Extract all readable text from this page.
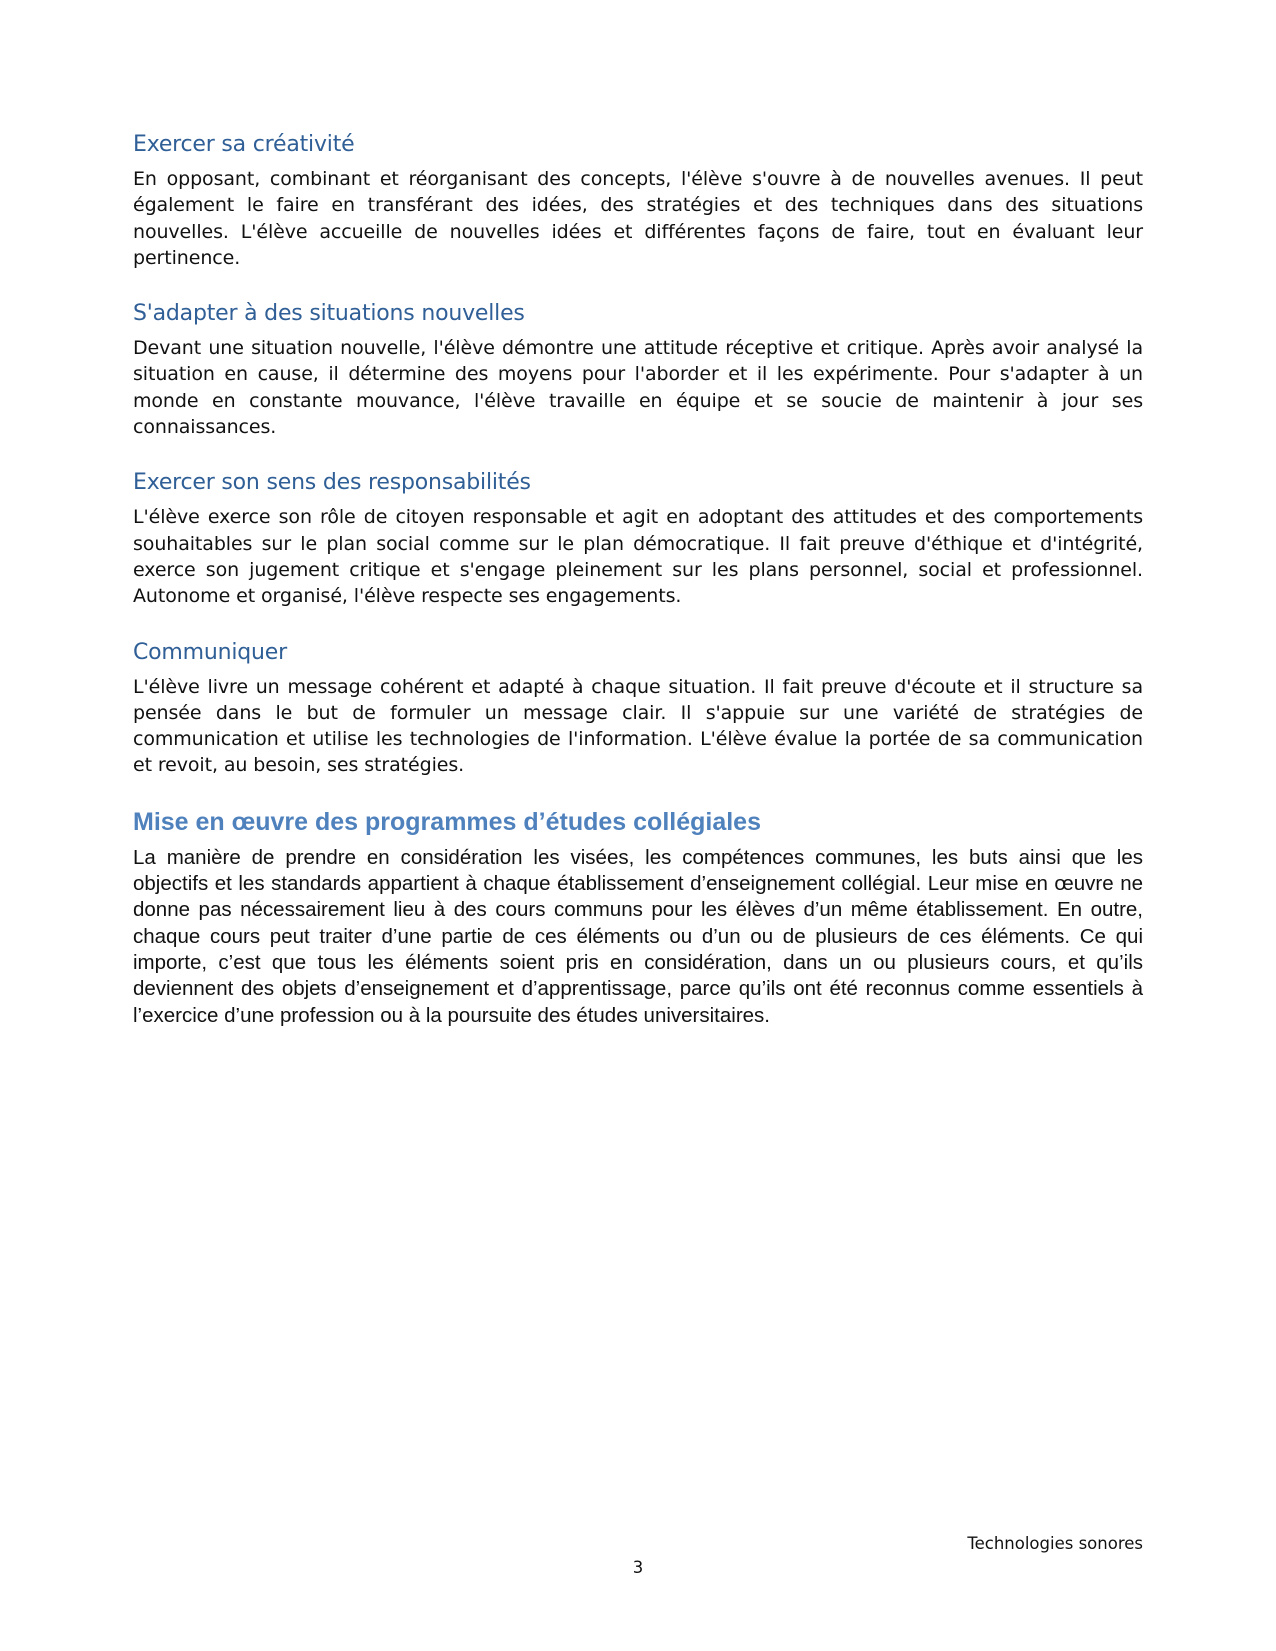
Exercer sa créativité

En opposant, combinant et réorganisant des concepts, l'élève s'ouvre à de nouvelles avenues. Il peut également le faire en transférant des idées, des stratégies et des techniques dans des situations nouvelles. L'élève accueille de nouvelles idées et différentes façons de faire, tout en évaluant leur pertinence.

S'adapter à des situations nouvelles

Devant une situation nouvelle, l'élève démontre une attitude réceptive et critique. Après avoir analysé la situation en cause, il détermine des moyens pour l'aborder et il les expérimente. Pour s'adapter à un monde en constante mouvance, l'élève travaille en équipe et se soucie de maintenir à jour ses connaissances.

Exercer son sens des responsabilités

L'élève exerce son rôle de citoyen responsable et agit en adoptant des attitudes et des comportements souhaitables sur le plan social comme sur le plan démocratique. Il fait preuve d'éthique et d'intégrité, exerce son jugement critique et s'engage pleinement sur les plans personnel, social et professionnel. Autonome et organisé, l'élève respecte ses engagements.

Communiquer

L'élève livre un message cohérent et adapté à chaque situation. Il fait preuve d'écoute et il structure sa pensée dans le but de formuler un message clair. Il s'appuie sur une variété de stratégies de communication et utilise les technologies de l'information. L'élève évalue la portée de sa communication et revoit, au besoin, ses stratégies.

Mise en œuvre des programmes d’études collégiales

La manière de prendre en considération les visées, les compétences communes, les buts ainsi que les objectifs et les standards appartient à chaque établissement d’enseignement collégial. Leur mise en œuvre ne donne pas nécessairement lieu à des cours communs pour les élèves d’un même établissement. En outre, chaque cours peut traiter d’une partie de ces éléments ou d’un ou de plusieurs de ces éléments. Ce qui importe, c’est que tous les éléments soient pris en considération, dans un ou plusieurs cours, et qu’ils deviennent des objets d’enseignement et d’apprentissage, parce qu’ils ont été reconnus comme essentiels à l’exercice d’une profession ou à la poursuite des études universitaires.

Technologies sonores
3
